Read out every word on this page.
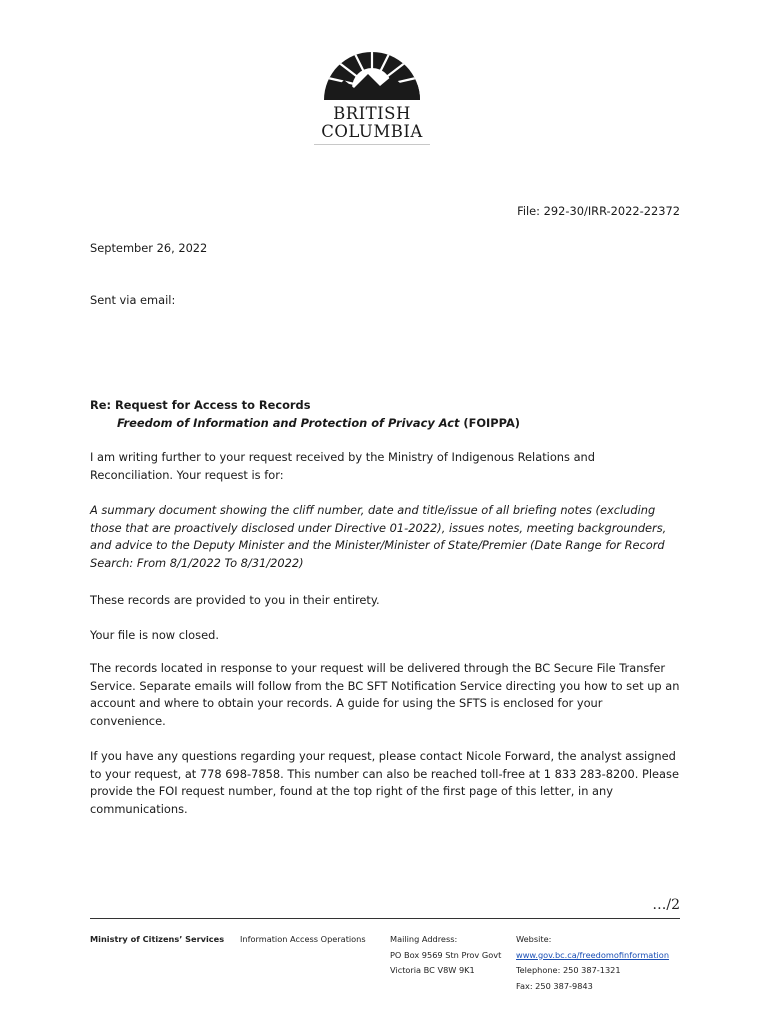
BRITISH
COLUMBIA
File: 292-30/IRR-2022-22372
September 26, 2022
Sent via email:
Re: Request for Access to Records
Freedom of Information and Protection of Privacy Act (FOIPPA)
I am writing further to your request received by the Ministry of Indigenous Relations and Reconciliation. Your request is for:
A summary document showing the cliff number, date and title/issue of all briefing notes (excluding those that are proactively disclosed under Directive 01-2022), issues notes, meeting backgrounders, and advice to the Deputy Minister and the Minister/Minister of State/Premier (Date Range for Record Search: From 8/1/2022 To 8/31/2022)
These records are provided to you in their entirety.
Your file is now closed.
The records located in response to your request will be delivered through the BC Secure File Transfer Service. Separate emails will follow from the BC SFT Notification Service directing you how to set up an account and where to obtain your records. A guide for using the SFTS is enclosed for your convenience.
If you have any questions regarding your request, please contact Nicole Forward, the analyst assigned to your request, at 778 698-7858. This number can also be reached toll-free at 1 833 283-8200. Please provide the FOI request number, found at the top right of the first page of this letter, in any communications.
…/2
Ministry of Citizens’ Services Information Access Operations	Mailing Address:
PO Box 9569 Stn Prov Govt
Victoria BC V8W 9K1
Website:
www.gov.bc.ca/freedomofinformation
Telephone: 250 387-1321
Fax: 250 387-9843
